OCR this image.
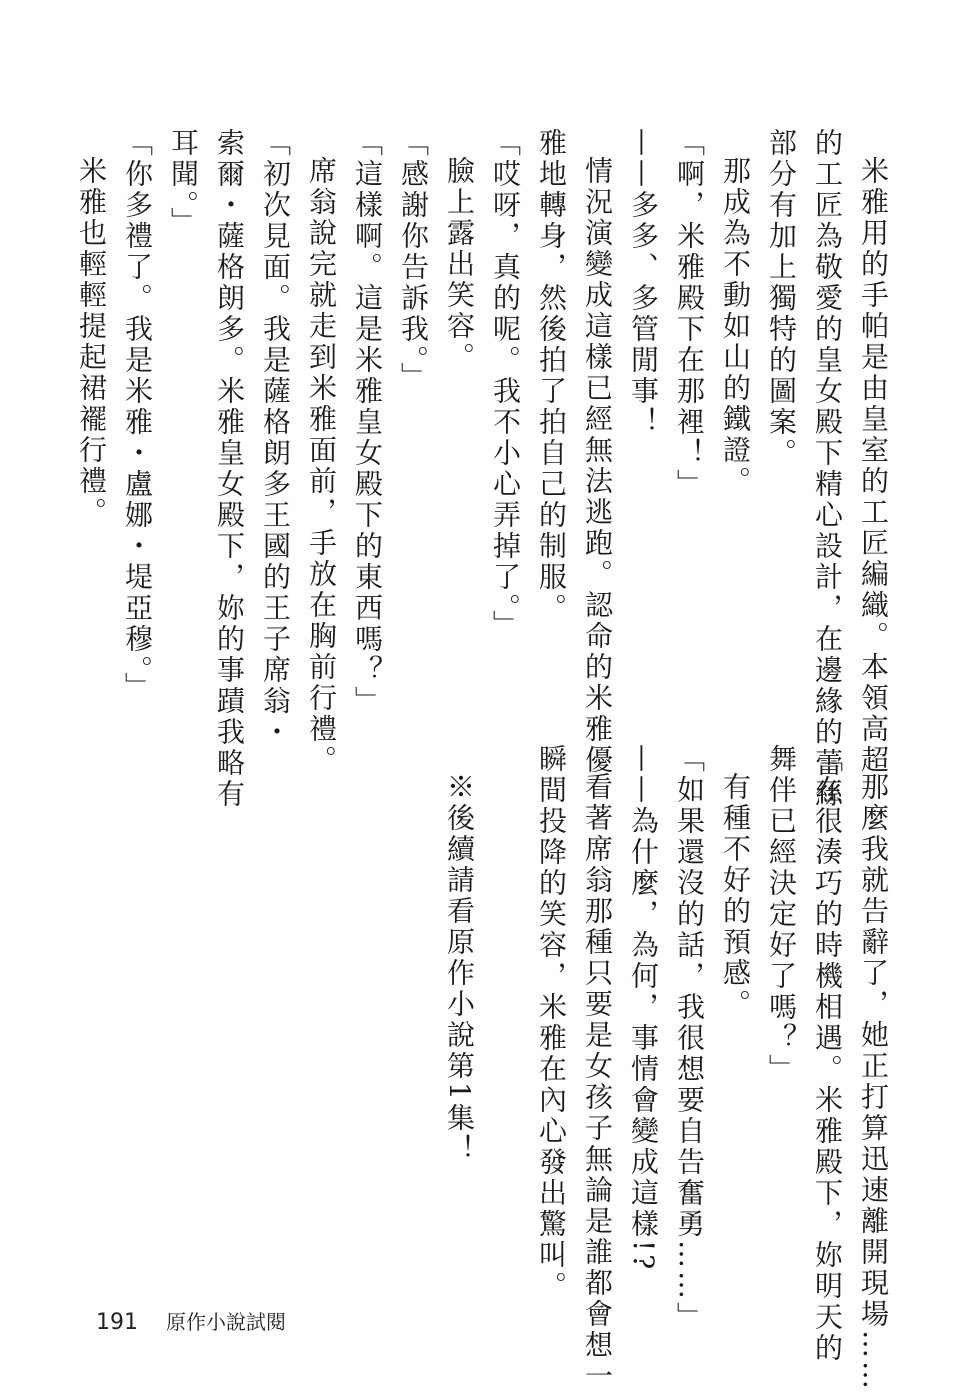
米雅用的手帕是由皇室的工匠編織。本領高超

的工匠為敬愛的皇女殿下精心設計，在邊緣的蕾絲

部分有加上獨特的圖案。

那成為不動如山的鐵證。

「啊，米雅殿下在那裡！」

——多多、多管閒事！

情況演變成這樣已經無法逃跑。認命的米雅優

雅地轉身，然後拍了拍自己的制服。

「哎呀，真的呢。我不小心弄掉了。」

臉上露出笑容。

「感謝你告訴我。」

「這樣啊。這是米雅皇女殿下的東西嗎？」

席翁說完就走到米雅面前，手放在胸前行禮。

「初次見面。我是薩格朗多王國的王子席翁・

索爾・薩格朗多。米雅皇女殿下，妳的事蹟我略有

耳聞。」

「你多禮了。我是米雅・盧娜・堤亞穆。」

米雅也輕輕提起裙襬行禮。

那麼我就告辭了，她正打算迅速離開現場……

「在很湊巧的時機相遇。米雅殿下，妳明天的

舞伴已經決定好了嗎？」

有種不好的預感。

「如果還沒的話，我很想要自告奮勇……」

——為什麼，為何，事情會變成這樣!?

看著席翁那種只要是女孩子無論是誰都會想一

瞬間投降的笑容，米雅在內心發出驚叫。

※後續請看原作小說第1集！

191 原作小說試閱
